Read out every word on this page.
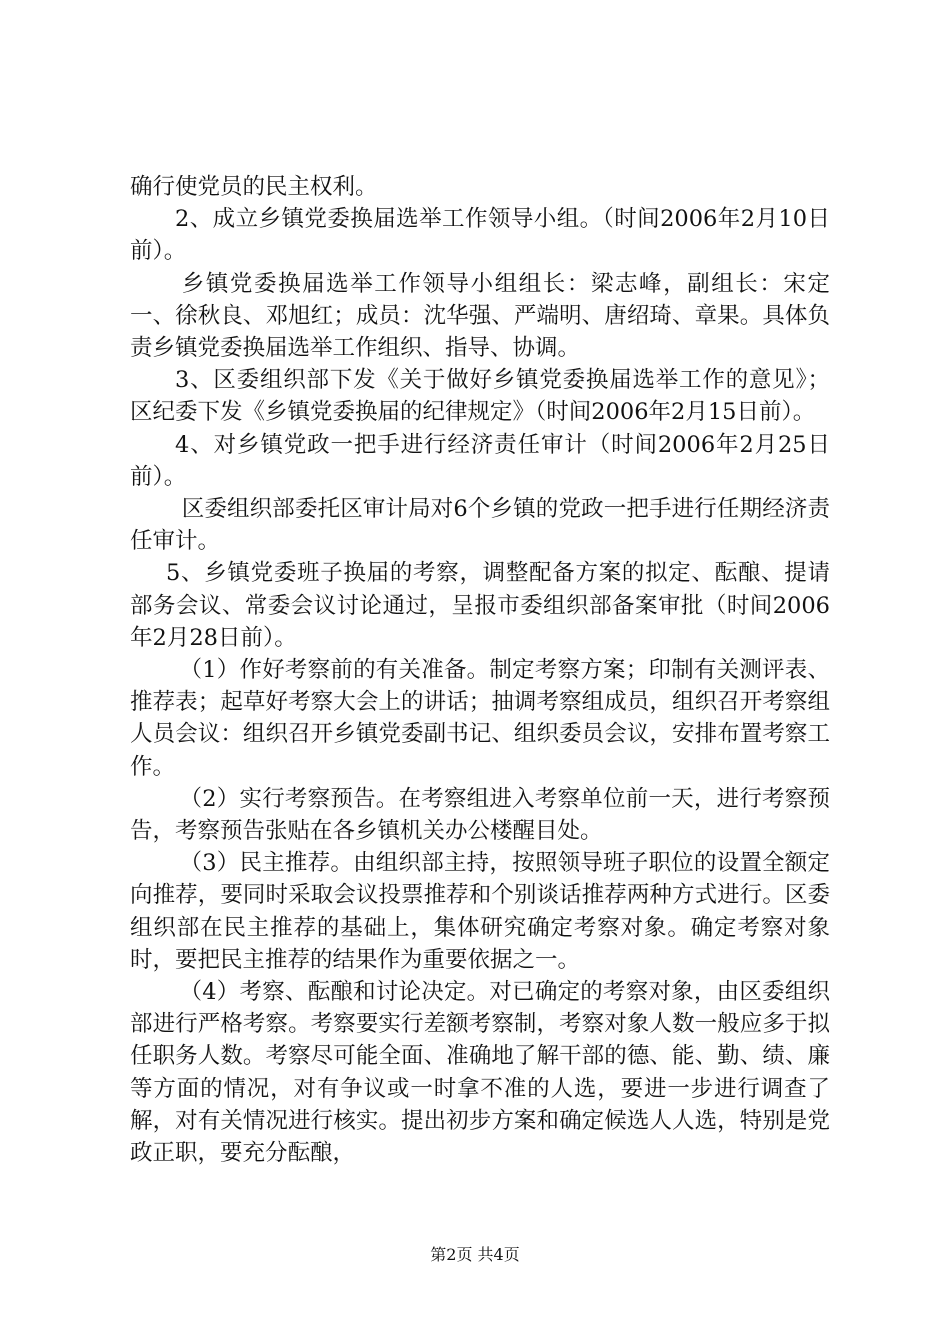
确行使党员的民主权利。

2、成立乡镇党委换届选举工作领导小组。（时间2006年2月10日前）。

乡镇党委换届选举工作领导小组组长：梁志峰，副组长：宋定一、徐秋良、邓旭红；成员：沈华强、严端明、唐绍琦、章果。具体负责乡镇党委换届选举工作组织、指导、协调。

3、区委组织部下发《关于做好乡镇党委换届选举工作的意见》；区纪委下发《乡镇党委换届的纪律规定》（时间2006年2月15日前）。

4、对乡镇党政一把手进行经济责任审计（时间2006年2月25日前）。

区委组织部委托区审计局对6个乡镇的党政一把手进行任期经济责任审计。

5、乡镇党委班子换届的考察，调整配备方案的拟定、酝酿、提请部务会议、常委会议讨论通过，呈报市委组织部备案审批（时间2006年2月28日前）。

（1）作好考察前的有关准备。制定考察方案；印制有关测评表、推荐表；起草好考察大会上的讲话；抽调考察组成员，组织召开考察组人员会议：组织召开乡镇党委副书记、组织委员会议，安排布置考察工作。

（2）实行考察预告。在考察组进入考察单位前一天，进行考察预告，考察预告张贴在各乡镇机关办公楼醒目处。

（3）民主推荐。由组织部主持，按照领导班子职位的设置全额定向推荐，要同时采取会议投票推荐和个别谈话推荐两种方式进行。区委组织部在民主推荐的基础上，集体研究确定考察对象。确定考察对象时，要把民主推荐的结果作为重要依据之一。

（4）考察、酝酿和讨论决定。对已确定的考察对象，由区委组织部进行严格考察。考察要实行差额考察制，考察对象人数一般应多于拟任职务人数。考察尽可能全面、准确地了解干部的德、能、勤、绩、廉等方面的情况，对有争议或一时拿不准的人选，要进一步进行调查了解，对有关情况进行核实。提出初步方案和确定候选人人选，特别是党政正职，要充分酝酿，

第2页 共4页
